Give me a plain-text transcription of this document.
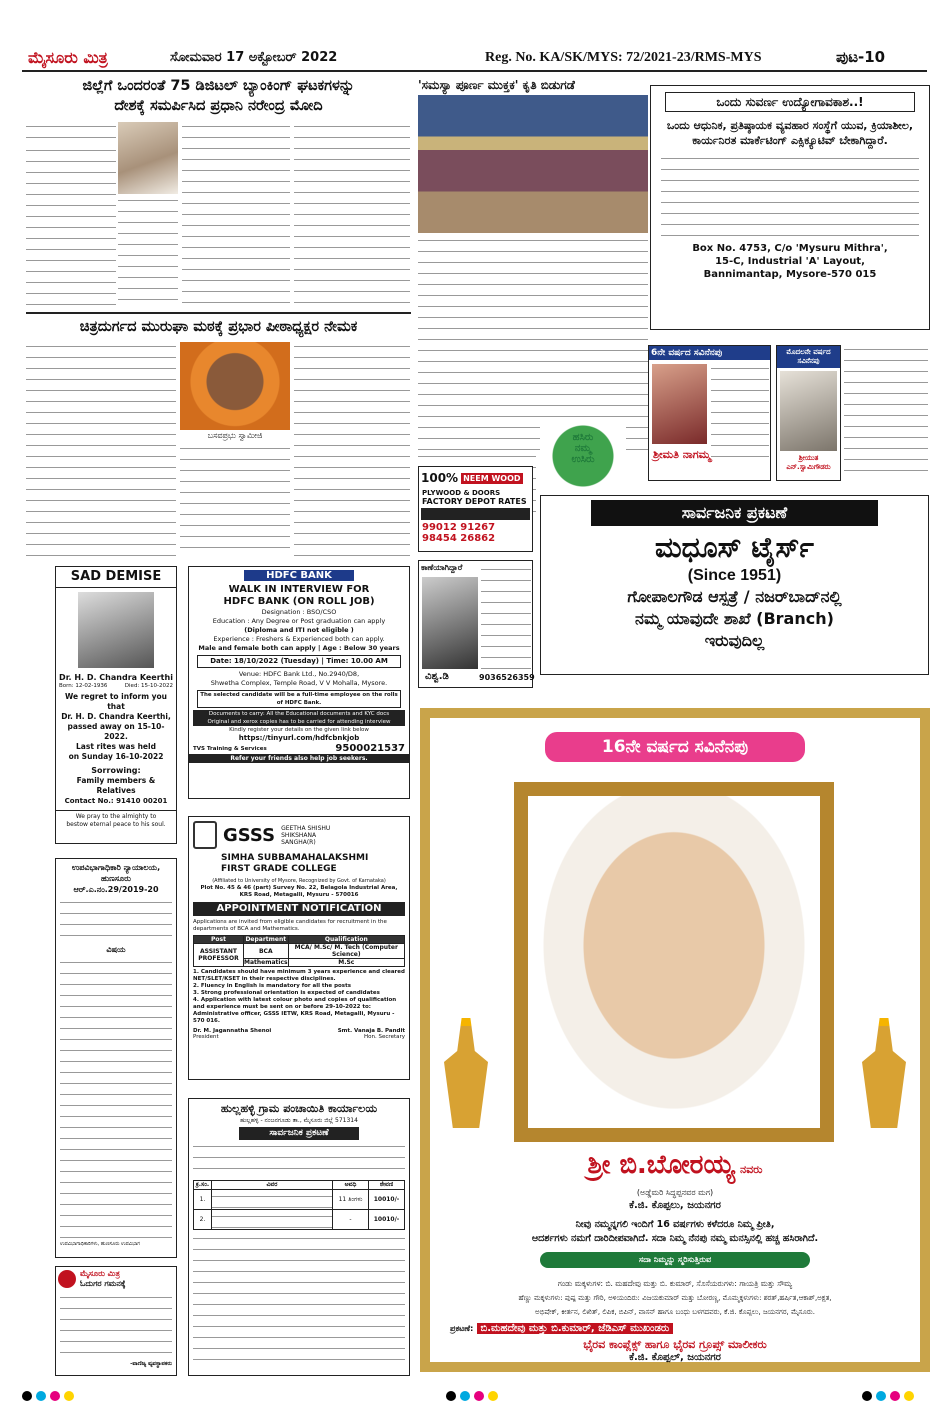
ಮೈಸೂರು ಮಿತ್ರ	ಸೋಮವಾರ 17 ಅಕ್ಟೋಬರ್ 2022	Reg. No. KA/SK/MYS: 72/2021-23/RMS-MYS	ಪುಟ-10
ಜಿಲ್ಲೆಗೆ ಒಂದರಂತೆ 75 ಡಿಜಿಟಲ್ ಬ್ಯಾಂಕಿಂಗ್ ಘಟಕಗಳನ್ನು
ದೇಶಕ್ಕೆ ಸಮರ್ಪಿಸಿದ ಪ್ರಧಾನಿ ನರೇಂದ್ರ ಮೋದಿ
ಚಿತ್ರದುರ್ಗದ ಮುರುಘಾ ಮಠಕ್ಕೆ ಪ್ರಭಾರ ಪೀಠಾಧ್ಯಕ್ಷರ ನೇಮಕ
ಬಸವಪ್ರಭು ಸ್ವಾಮೀಜಿ
'ಸಮಸ್ಯಾ ಪೂರ್ಣ ಮುಕ್ತಕ' ಕೃತಿ ಬಿಡುಗಡೆ
ಒಂದು ಸುವರ್ಣ ಉದ್ಯೋಗಾವಕಾಶ..!
ಒಂದು ಆಧುನಿಕ, ಪ್ರತಿಷ್ಠಾಯಕ ವ್ಯವಹಾರ ಸಂಸ್ಥೆಗೆ ಯುವ, ಕ್ರಿಯಾಶೀಲ, ಕಾರ್ಯನಿರತ ಮಾರ್ಕೆಟಿಂಗ್ ಎಕ್ಸಿಕ್ಯೂಟಿವ್ ಬೇಕಾಗಿದ್ದಾರೆ.
Box No. 4753, C/o 'Mysuru Mithra',
15-C, Industrial 'A' Layout,
Bannimantap, Mysore-570 015
ಹಸಿರು
ನಮ್ಮ
ಉಸಿರು
100% NEEM WOOD
PLYWOOD & DOORS
FACTORY DEPOT RATES
99012 91267
98454 26862
6ನೇ ವರ್ಷದ ಸವಿನೆನಪು
ಶ್ರೀಮತಿ ನಾಗಮ್ಮ
ಮೊದಲನೇ ವರ್ಷದ ಸವಿನೆನಪು
ಶ್ರೀಯುತ ಎನ್.ಸ್ವಾಮಿಗೌಡರು
ಸಾರ್ವಜನಿಕ ಪ್ರಕಟಣೆ
ಮಧೂಸ್ ಟೈರ್ಸ್
(Since 1951)
ಗೋಪಾಲಗೌಡ ಆಸ್ಪತ್ರೆ / ನಜರ್‌ಬಾದ್‌ನಲ್ಲಿ
ನಮ್ಮ ಯಾವುದೇ ಶಾಖೆ (Branch)
ಇರುವುದಿಲ್ಲ
ಕಾಣೆಯಾಗಿದ್ದಾರೆ
ವಿಶ್ವ.ಡಿ	9036526359
SAD DEMISE
Dr. H. D. Chandra Keerthi
Born: 12-02-1936	Died: 15-10-2022
We regret to inform you that
Dr. H. D. Chandra Keerthi,
passed away on 15-10-2022.
Last rites was held
on Sunday 16-10-2022
Sorrowing:
Family members & Relatives
Contact No.: 91410 00201
We pray to the almighty to
bestow eternal peace to his soul.
HDFC BANK
WALK IN INTERVIEW FOR
HDFC BANK (ON ROLL JOB)
Designation : BSO/CSO
Education : Any Degree or Post graduation can apply
(Diploma and ITI not eligible )
Experience : Freshers & Experienced both can apply.
Male and female both can apply | Age : Below 30 years
Date: 18/10/2022 (Tuesday) | Time: 10.00 AM
Venue: HDFC Bank Ltd., No.2940/D8,
Shwetha Complex, Temple Road, V V Mohalla, Mysore.
The selected candidate will be a full-time employee on the rolls of HDFC Bank.
Documents to carry: All the Educational documents and KYC docs
Original and xerox copies has to be carried for attending interview
Kindly register your details on the given link below
https://tinyurl.com/hdfcbnkjob
TVS Training & Services	9500021537
Refer your friends also help job seekers.
GSSS GEETHA SHISHU SHIKSHANA SANGHA(R)
SIMHA SUBBAMAHALAKSHMI
FIRST GRADE COLLEGE
(Affiliated to University of Mysore, Recognized by Govt. of Karnataka)
Plot No. 45 & 46 (part) Survey No. 22, Belagola Industrial Area,
KRS Road, Metagalli, Mysuru - 570016
APPOINTMENT NOTIFICATION
Applications are invited from eligible candidates for recruitment in the departments of BCA and Mathematics.
Post	Department	Qualification
ASSISTANT PROFESSOR	BCA	MCA/ M.Sc/ M. Tech (Computer Science)
	Mathematics	M.Sc
1. Candidates should have minimum 3 years experience and cleared NET/SLET/KSET in their respective disciplines.
2. Fluency in English is mandatory for all the posts
3. Strong professional orientation is expected of candidates
4. Application with latest colour photo and copies of qualification and experience must be sent on or before 29-10-2022 to: Administrative officer, GSSS IETW, KRS Road, Metagalli, Mysuru - 570 016.
Dr. M. Jagannatha Shenoi
President
Smt. Vanaja B. Pandit
Hon. Secretary
ಉಪವಿಭಾಗಾಧಿಕಾರಿ ನ್ಯಾಯಾಲಯ,
ಹುಣಸೂರು
ಆರ್.ಎ.ನಂ.29/2019-20
ವಿಷಯ
ಉಪವಿಭಾಗಾಧಿಕಾರಿಗಳು, ಹುಣಸೂರು ಉಪವಿಭಾಗ
ಹುಲ್ಲಹಳ್ಳಿ ಗ್ರಾಮ ಪಂಚಾಯಿತಿ ಕಾರ್ಯಾಲಯ
ಹುಲ್ಲಹಳ್ಳಿ - ನಂಜನಗೂಡು ತಾ., ಮೈಸೂರು ಜಿಲ್ಲೆ 571314
ಸಾರ್ವಜನಿಕ ಪ್ರಕಟಣೆ
ಕ್ರ.ಸಂ.	ವಿವರ	ಅವಧಿ	ಠೇವಣಿ
1.		11 ತಿಂಗಳು	10010/-
2.		-	10010/-
ಮೈಸೂರು ಮಿತ್ರ
ಓದುಗರ ಗಮನಕ್ಕೆ
-ವಾಣಿಜ್ಯ ವ್ಯವಸ್ಥಾಪಕರು
16ನೇ ವರ್ಷದ ಸವಿನೆನಪು
ಶ್ರೀ ಬಿ.ಬೋರಯ್ಯ ನವರು
(ಅಡ್ಡೆಮರಿ ಸಿದ್ಧಪ್ಪನವರ ಮಗ)
ಕೆ.ಜಿ. ಕೊಪ್ಪಲು, ಜಯನಗರ
ನೀವು ನಮ್ಮನ್ನಗಲಿ ಇಂದಿಗೆ 16 ವರ್ಷಗಳು ಕಳೆದರೂ ನಿಮ್ಮ ಪ್ರೀತಿ,
ಆದರ್ಶಗಳು ನಮಗೆ ದಾರಿದೀಪವಾಗಿದೆ. ಸದಾ ನಿಮ್ಮ ನೆನಪು ನಮ್ಮ ಮನಸ್ಸಿನಲ್ಲಿ ಹಚ್ಚ ಹಸಿರಾಗಿದೆ.
ಸದಾ ನಿಮ್ಮನ್ನು ಸ್ಮರಿಸುತ್ತಿರುವ
ಗಂಡು ಮಕ್ಕಳುಗಳ: ಬಿ. ಮಹದೇವು ಮತ್ತು ಬಿ. ಕುಮಾರ್, ಸೊಸೆಯರುಗಳು: ಗಾಯತ್ರಿ ಮತ್ತು ಸೌಮ್ಯ
ಹೆಣ್ಣು ಮಕ್ಕಳುಗಳು: ಪುಷ್ಪ ಮತ್ತು ಗೌರಿ, ಅಳಿಯಂದಿರು: ವಿಜಯಕುಮಾರ್ ಮತ್ತು ಬೋರಣ್ಣ, ಮೊಮ್ಮಕ್ಕಳುಗಳು: ಶರತ್,ಹರ್ಷಿತ,ಆಕಾಶ್,ಅಕ್ಷತ,
ಅಭಿಷೇಕ್, ಕೀರ್ತನ, ಲಿಖಿತ್, ಲಿಪಿಕ, ಬಿಪಿನ್, ವಾಸನ್ ಹಾಗೂ ಬಂಧು ಬಳಗದವರು, ಕೆ.ಜಿ. ಕೊಪ್ಪಲು, ಜಯನಗರ, ಮೈಸೂರು.
ಪ್ರಕಟಣೆ: ಬಿ.ಮಹದೇವು ಮತ್ತು ಬಿ.ಕುಮಾರ್, ಜೆಡಿಎಸ್ ಮುಖಂಡರು
ಭೈರವ ಕಾಂಪ್ಲೆಕ್ಸ್ ಹಾಗೂ ಭೈರವ ಗ್ರೂಪ್ಸ್ ಮಾಲೀಕರು
ಕೆ.ಜಿ. ಕೊಪ್ಪಲ್, ಜಯನಗರ
